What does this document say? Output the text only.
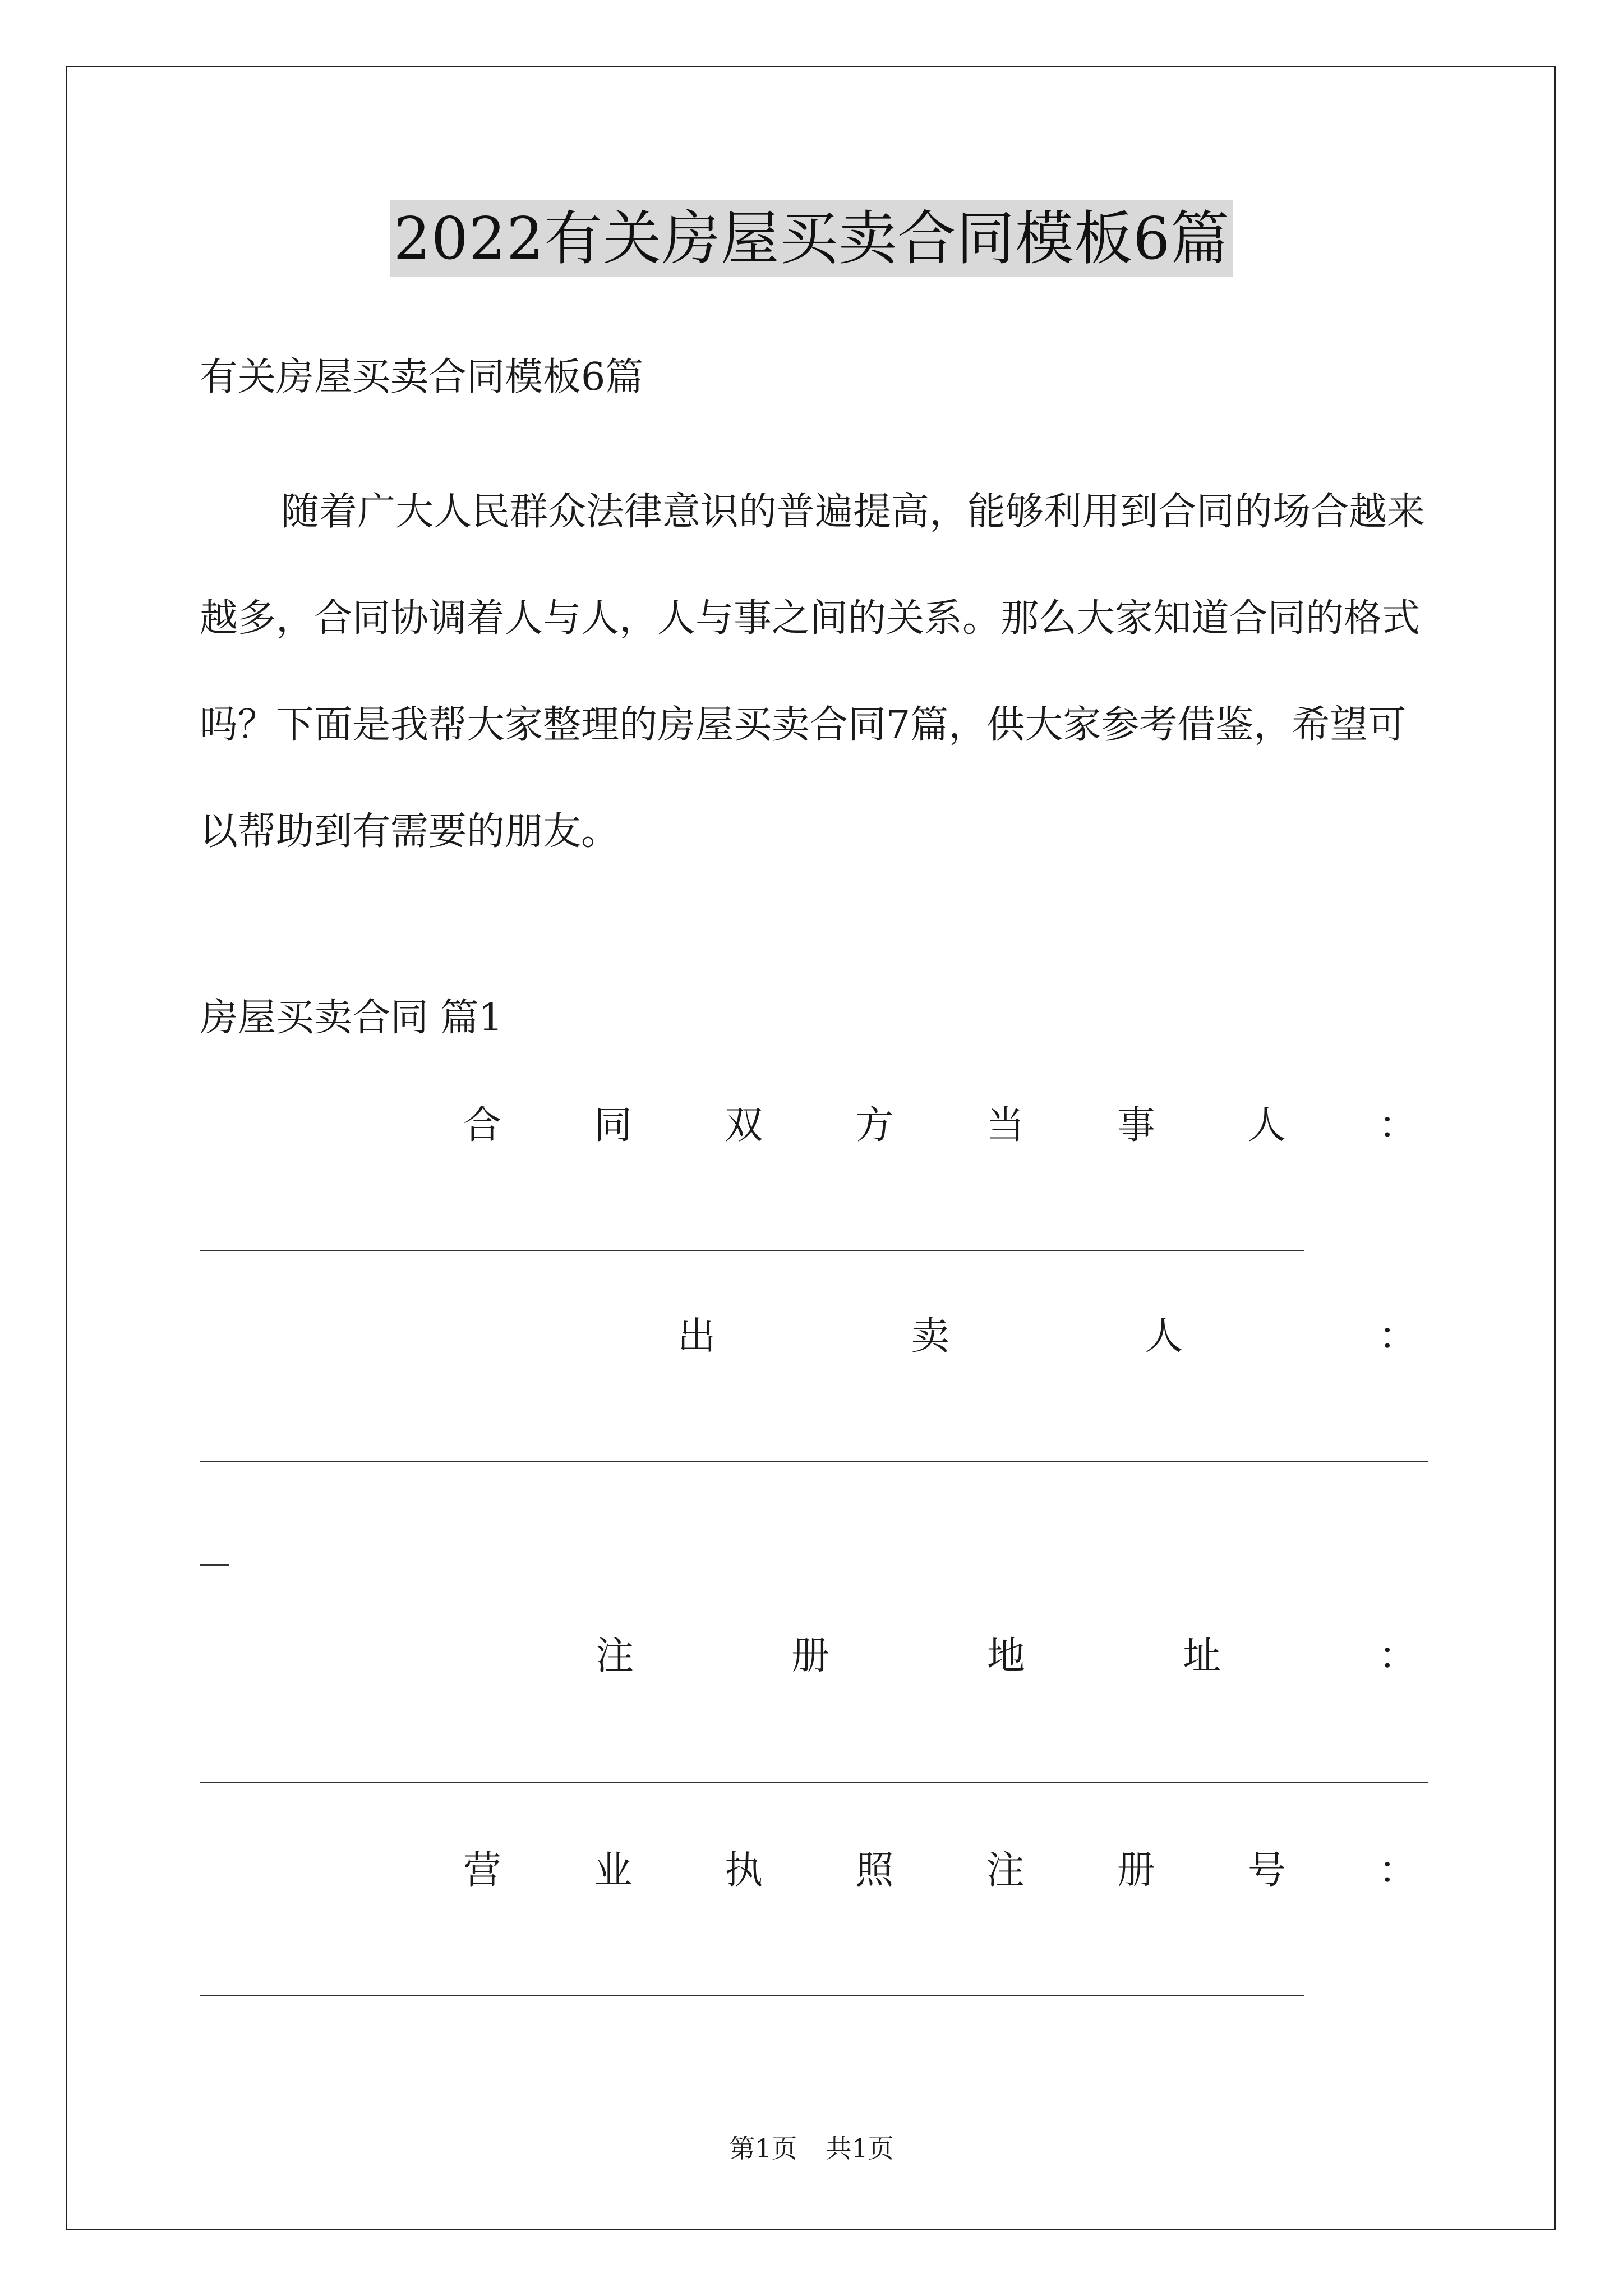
2022有关房屋买卖合同模板6篇
有关房屋买卖合同模板6篇

随着广大人民群众法律意识的普遍提高，能够利用到合同的场合越来越多，合同协调着人与人，人与事之间的关系。那么大家知道合同的格式吗？下面是我帮大家整理的房屋买卖合同7篇，供大家参考借鉴，希望可以帮助到有需要的朋友。

房屋买卖合同 篇1
合 同 双 方 当 事 人 ：
出	卖	人	：
注	册	地	址	：
营 业 执 照 注 册 号 ：
第1页 共1页
